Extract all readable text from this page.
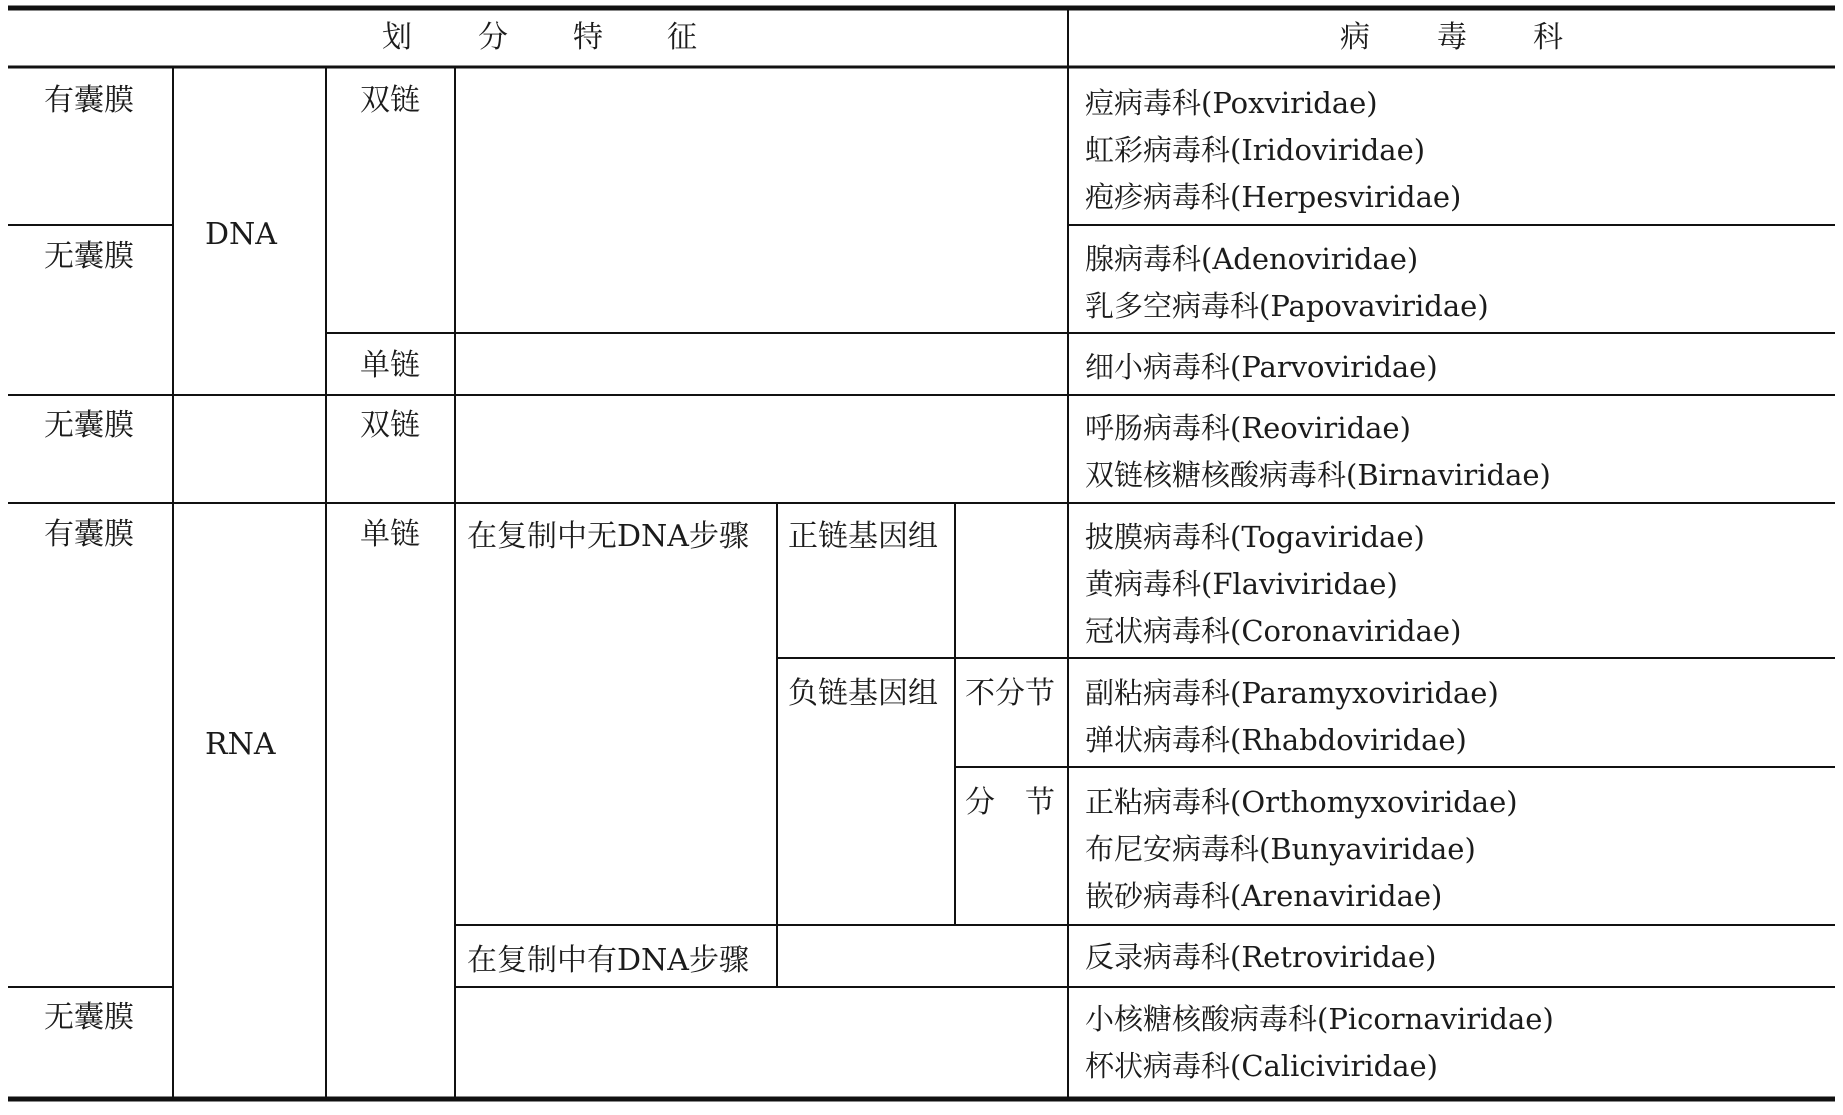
划 分 特 征	病 毒 科
有囊膜
无囊膜
无囊膜
有囊膜
无囊膜
DNA
RNA
双链
单链
双链
单链 在复制中无DNA步骤
在复制中有DNA步骤
正链基因组
负链基因组 不分节
分　节
痘病毒科(Poxviridae)
虹彩病毒科(Iridoviridae)
疱疹病毒科(Herpesviridae)
腺病毒科(Adenoviridae)
乳多空病毒科(Papovaviridae)
细小病毒科(Parvoviridae)
呼肠病毒科(Reoviridae)
双链核糖核酸病毒科(Birnaviridae)
披膜病毒科(Togaviridae)
黄病毒科(Flaviviridae)
冠状病毒科(Coronaviridae)
副粘病毒科(Paramyxoviridae)
弹状病毒科(Rhabdoviridae)
正粘病毒科(Orthomyxoviridae)
布尼安病毒科(Bunyaviridae)
嵌砂病毒科(Arenaviridae)
反录病毒科(Retroviridae)
小核糖核酸病毒科(Picornaviridae)
杯状病毒科(Caliciviridae)
